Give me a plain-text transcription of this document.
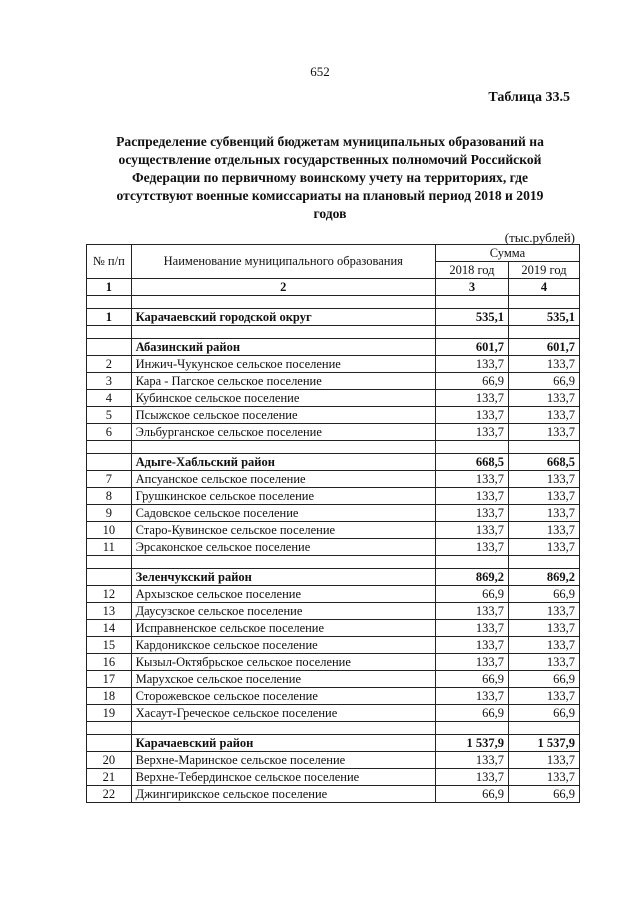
652
Таблица 33.5
Распределение субвенций бюджетам муниципальных образований на осуществление отдельных государственных полномочий Российской Федерации по первичному воинскому учету на территориях, где отсутствуют военные комиссариаты на плановый период 2018 и 2019 годов
(тыс.рублей)
№ п/п	Наименование муниципального образования	Сумма	
		2018 год	2019 год
1	2	3	4

1	Карачаевский городской округ	535,1	535,1

	Абазинский район	601,7	601,7
2	Инжич-Чукунское сельское поселение	133,7	133,7
3	Кара - Пагское сельское поселение	66,9	66,9
4	Кубинское сельское поселение	133,7	133,7
5	Псыжское сельское поселение	133,7	133,7
6	Эльбурганское сельское поселение	133,7	133,7

	Адыге-Хабльский район	668,5	668,5
7	Апсуанское сельское поселение	133,7	133,7
8	Грушкинское сельское поселение	133,7	133,7
9	Садовское сельское поселение	133,7	133,7
10	Старо-Кувинское сельское поселение	133,7	133,7
11	Эрсаконское сельское поселение	133,7	133,7

	Зеленчукский район	869,2	869,2
12	Архызское сельское поселение	66,9	66,9
13	Даусузское сельское поселение	133,7	133,7
14	Исправненское сельское поселение	133,7	133,7
15	Кардоникское сельское поселение	133,7	133,7
16	Кызыл-Октябрьское сельское поселение	133,7	133,7
17	Марухское сельское поселение	66,9	66,9
18	Сторожевское сельское поселение	133,7	133,7
19	Хасаут-Греческое сельское поселение	66,9	66,9

	Карачаевский район	1 537,9	1 537,9
20	Верхне-Маринское сельское поселение	133,7	133,7
21	Верхне-Тебердинское сельское поселение	133,7	133,7
22	Джингирикское сельское поселение	66,9	66,9
